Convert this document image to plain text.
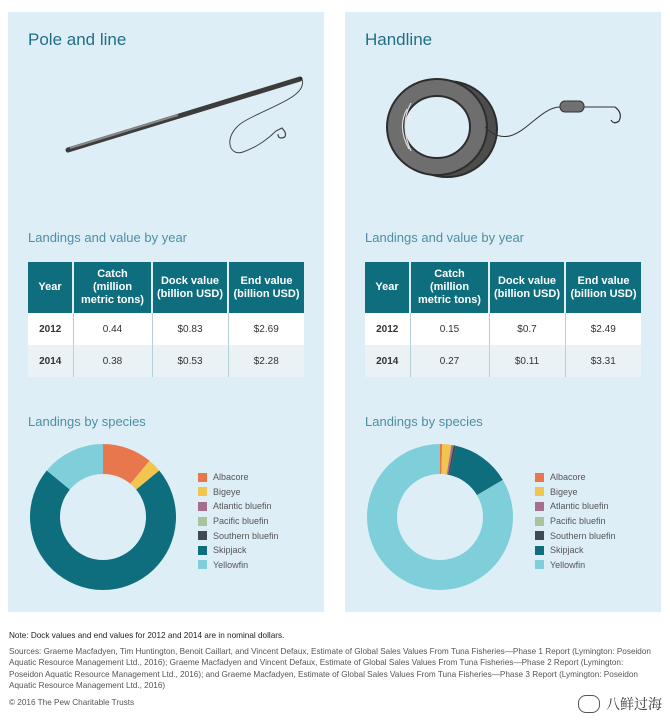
Pole and line
Landings and value by year
Year	Catch (million metric tons)	Dock value (billion USD)	End value (billion USD)
2012	0.44	$0.83	$2.69
2014	0.38	$0.53	$2.28
Landings by species
Albacore
Bigeye
Atlantic bluefin
Pacific bluefin
Southern bluefin
Skipjack
Yellowfin
Handline
Landings and value by year
Year	Catch (million metric tons)	Dock value (billion USD)	End value (billion USD)
2012	0.15	$0.7	$2.49
2014	0.27	$0.11	$3.31
Landings by species
Albacore
Bigeye
Atlantic bluefin
Pacific bluefin
Southern bluefin
Skipjack
Yellowfin
Note: Dock values and end values for 2012 and 2014 are in nominal dollars.
Sources: Graeme Macfadyen, Tim Huntington, Benoit Caillart, and Vincent Defaux, Estimate of Global Sales Values From Tuna Fisheries—Phase 1 Report (Lymington: Poseidon Aquatic Resource Management Ltd., 2016); Graeme Macfadyen and Vincent Defaux, Estimate of Global Sales Values From Tuna Fisheries—Phase 2 Report (Lymington: Poseidon Aquatic Resource Management Ltd., 2016); and Graeme Macfadyen, Estimate of Global Sales Values From Tuna Fisheries—Phase 3 Report (Lymington: Poseidon Aquatic Resource Management Ltd., 2016)
© 2016 The Pew Charitable Trusts	八鲜过海
